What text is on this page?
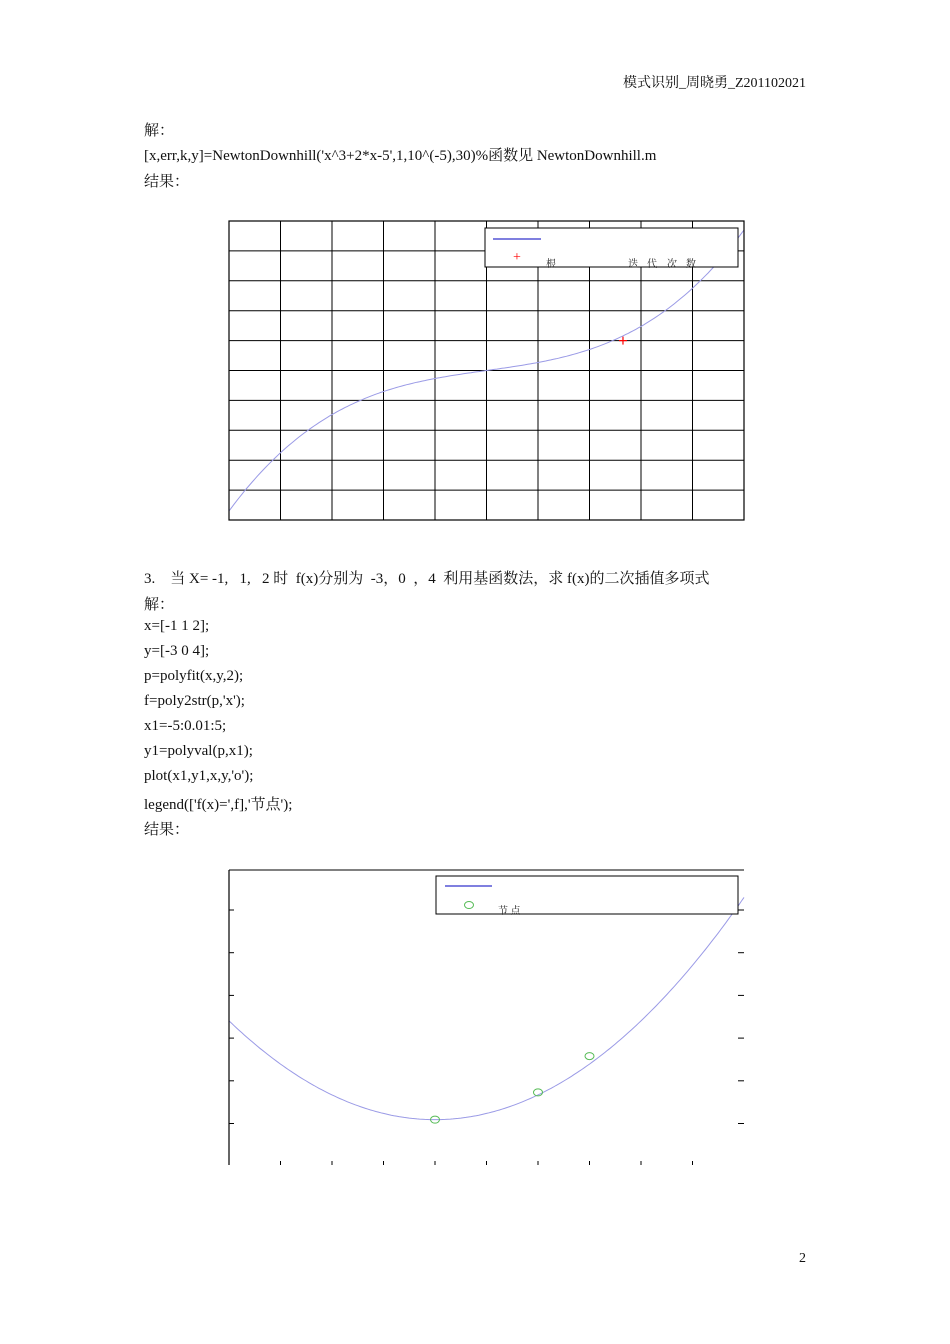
模式识别_周晓勇_Z201102021
解：
[x,err,k,y]=NewtonDownhill('x^3+2*x-5',1,10^(-5),30)%函数见 NewtonDownhill.m
结果：
+	根	迭 代 次 数
3.    当 X= -1,   1,   2 时  f(x)分别为  -3，0  ，4  利用基函数法，求 f(x)的二次插值多项式
解：
x=[-1 1 2];
y=[-3 0 4];
p=polyfit(x,y,2);
f=poly2str(p,'x');
x1=-5:0.01:5;
y1=polyval(p,x1);
plot(x1,y1,x,y,'o');
legend(['f(x)=',f],'节点');
结果：
节 点
2
